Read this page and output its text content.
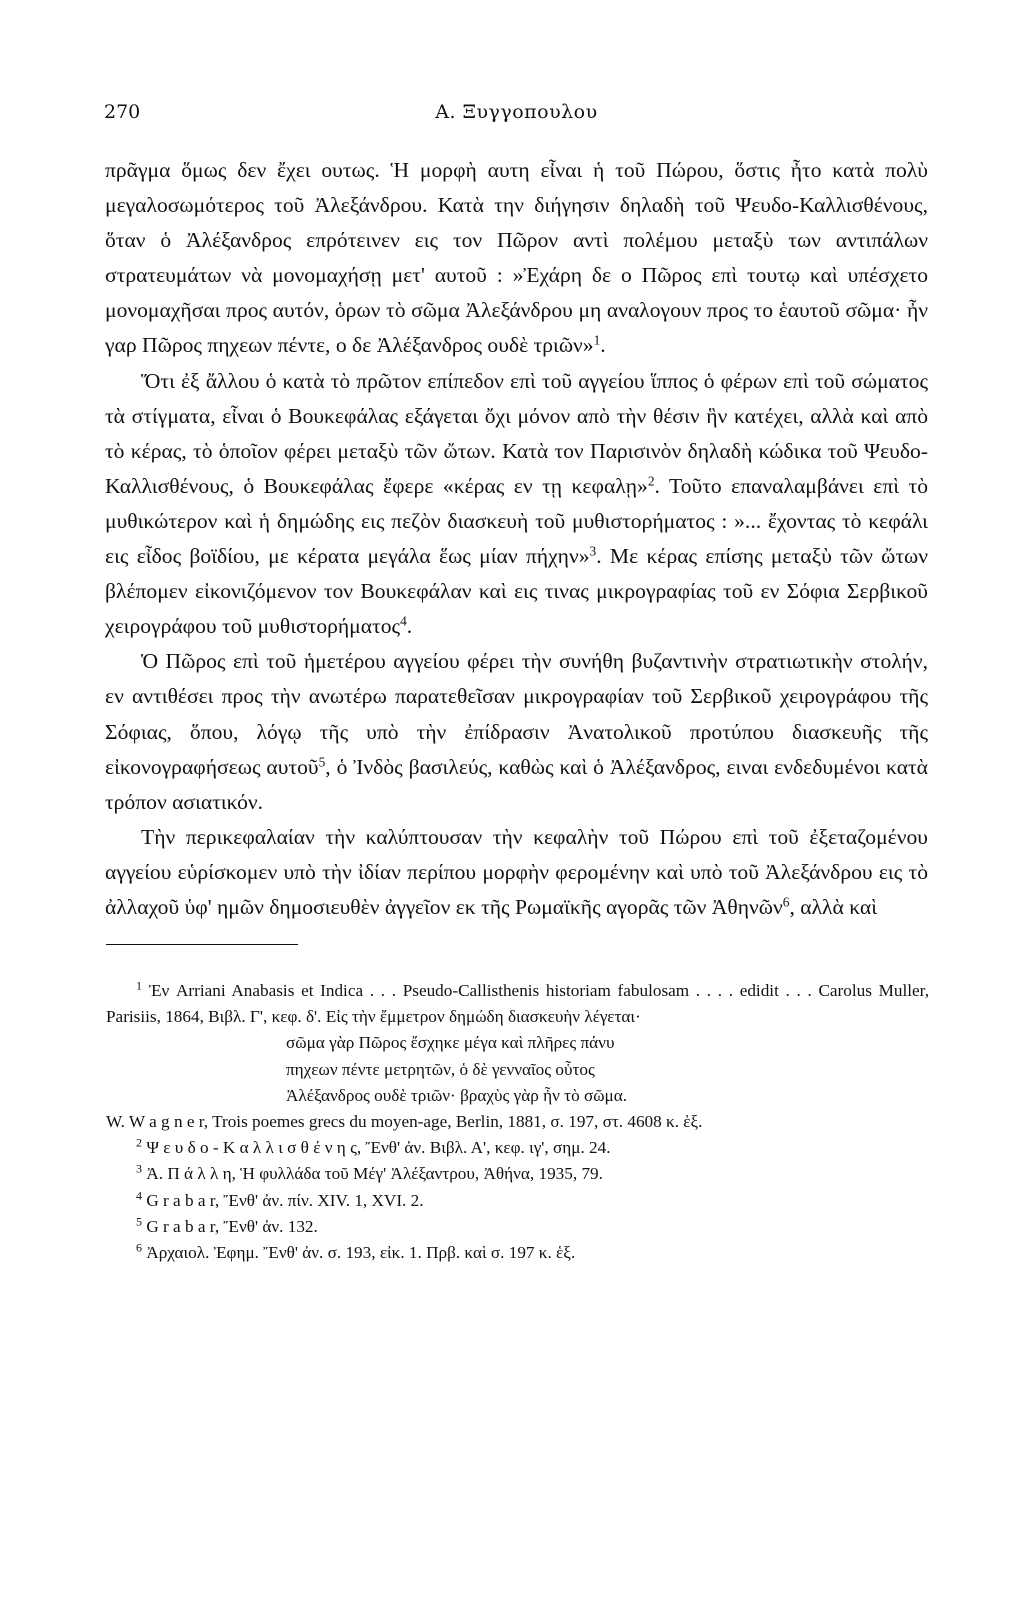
270	A. Ξυγγοπουλου

πρᾶγμα ὅμως δεν ἔχει ουτως. Ἡ μορφὴ αυτη εἶναι ἡ τοῦ Πώρου, ὅστις ἦτο κατὰ πολὺ μεγαλοσωμότερος τοῦ Ἀλεξάνδρου. Κατὰ την διήγησιν δηλαδὴ τοῦ Ψευδο-Καλλισθένους, ὅταν ὁ Ἀλέξανδρος επρότεινεν εις τον Πῶρον αντὶ πολέμου μεταξὺ των αντιπάλων στρατευμάτων νὰ μονομαχήσῃ μετ' αυτοῦ : »Ἐχάρη δε ο Πῶρος επὶ τουτῳ καὶ υπέσχετο μονομαχῆσαι προς αυτόν, ὁρων τὸ σῶμα Ἀλεξάνδρου μη αναλογουν προς το ἑαυτοῦ σῶμα· ἦν γαρ Πῶρος πηχεων πέντε, ο δε Ἀλέξανδρος ουδὲ τριῶν»$^1$.

Ὅτι ἐξ ἄλλου ὁ κατὰ τὸ πρῶτον επίπεδον επὶ τοῦ αγγείου ἵππος ὁ φέρων επὶ τοῦ σώματος τὰ στίγματα, εἶναι ὁ Βουκεφάλας εξάγεται ὄχι μόνον απὸ τὴν θέσιν ἣν κατέχει, αλλὰ καὶ απὸ τὸ κέρας, τὸ ὁποῖον φέρει μεταξὺ τῶν ὤτων. Κατὰ τον Παρισινὸν δηλαδὴ κώδικα τοῦ Ψευδο-Καλλισθένους, ὁ Βουκεφάλας ἔφερε «κέρας εν τῃ κεφαλῃ»$^2$. Τοῦτο επαναλαμβάνει επὶ τὸ μυθικώτερον καὶ ἡ δημώδης εις πεζὸν διασκευὴ τοῦ μυθιστορήματος : »... ἔχοντας τὸ κεφάλι εις εἶδος βοϊδίου, με κέρατα μεγάλα ἕως μίαν πήχην»$^3$. Με κέρας επίσης μεταξὺ τῶν ὤτων βλέπομεν εἰκονιζόμενον τον Βουκεφάλαν καὶ εις τινας μικρογραφίας τοῦ εν Σόφια Σερβικοῦ χειρογράφου τοῦ μυθιστορήματος$^4$.

Ὁ Πῶρος επὶ τοῦ ἡμετέρου αγγείου φέρει τὴν συνήθη βυζαντινὴν στρατιωτικὴν στολήν, εν αντιθέσει προς τὴν ανωτέρω παρατεθεῖσαν μικρογραφίαν τοῦ Σερβικοῦ χειρογράφου τῆς Σόφιας, ὅπου, λόγῳ τῆς υπὸ τὴν ἐπίδρασιν Ἀνατολικοῦ προτύπου διασκευῆς τῆς εἰκονογραφήσεως αυτοῦ$^5$, ὁ Ἰνδὸς βασιλεύς, καθὼς καὶ ὁ Ἀλέξανδρος, ειναι ενδεδυμένοι κατὰ τρόπον ασιατικόν.

Τὴν περικεφαλαίαν τὴν καλύπτουσαν τὴν κεφαλὴν τοῦ Πώρου επὶ τοῦ ἐξεταζομένου αγγείου εὑρίσκομεν υπὸ τὴν ἰδίαν περίπου μορφὴν φερομένην καὶ υπὸ τοῦ Ἀλεξάνδρου εις τὸ ἀλλαχοῦ ὑφ' ημῶν δημοσιευθὲν ἀγγεῖον εκ τῆς Ρωμαϊκῆς αγορᾶς τῶν Ἀθηνῶν$^6$, αλλὰ καὶ

$^1$ Ἐν Arriani Anabasis et Indica . . . Pseudo-Callisthenis historiam fabulosam . . . . edidit . . . Carolus Muller, Parisiis, 1864, Βιβλ. Γ', κεφ. δ'. Εἰς τὴν ἔμμετρον δημώδη διασκευὴν λέγεται·

σῶμα γὰρ Πῶρος ἔσχηκε μέγα καὶ πλῆρες πάνυ

πηχεων πέντε μετρητῶν, ὁ δὲ γενναῖος οὗτος

Ἀλέξανδρος ουδὲ τριῶν· βραχὺς γὰρ ἦν τὸ σῶμα.

W. W a g n e r, Trois poemes grecs du moyen-age, Berlin, 1881, σ. 197, στ. 4608 κ. ἑξ.

$^2$ Ψ ε υ δ ο - Κ α λ λ ι σ θ έ ν η ς, Ἔνθ' ἀν. Βιβλ. Α', κεφ. ιγ', σημ. 24.

$^3$ Ἀ. Π ά λ λ η, Ἡ φυλλάδα τοῦ Μέγ' Ἀλέξαντρου, Ἀθήνα, 1935, 79.

$^4$ G r a b a r, Ἔνθ' ἀν. πίν. XIV. 1, XVI. 2.

$^5$ G r a b a r, Ἔνθ' ἀν. 132.

$^6$ Ἀρχαιολ. Ἐφημ. Ἔνθ' ἀν. σ. 193, εἰκ. 1. Πρβ. καὶ σ. 197 κ. ἑξ.
